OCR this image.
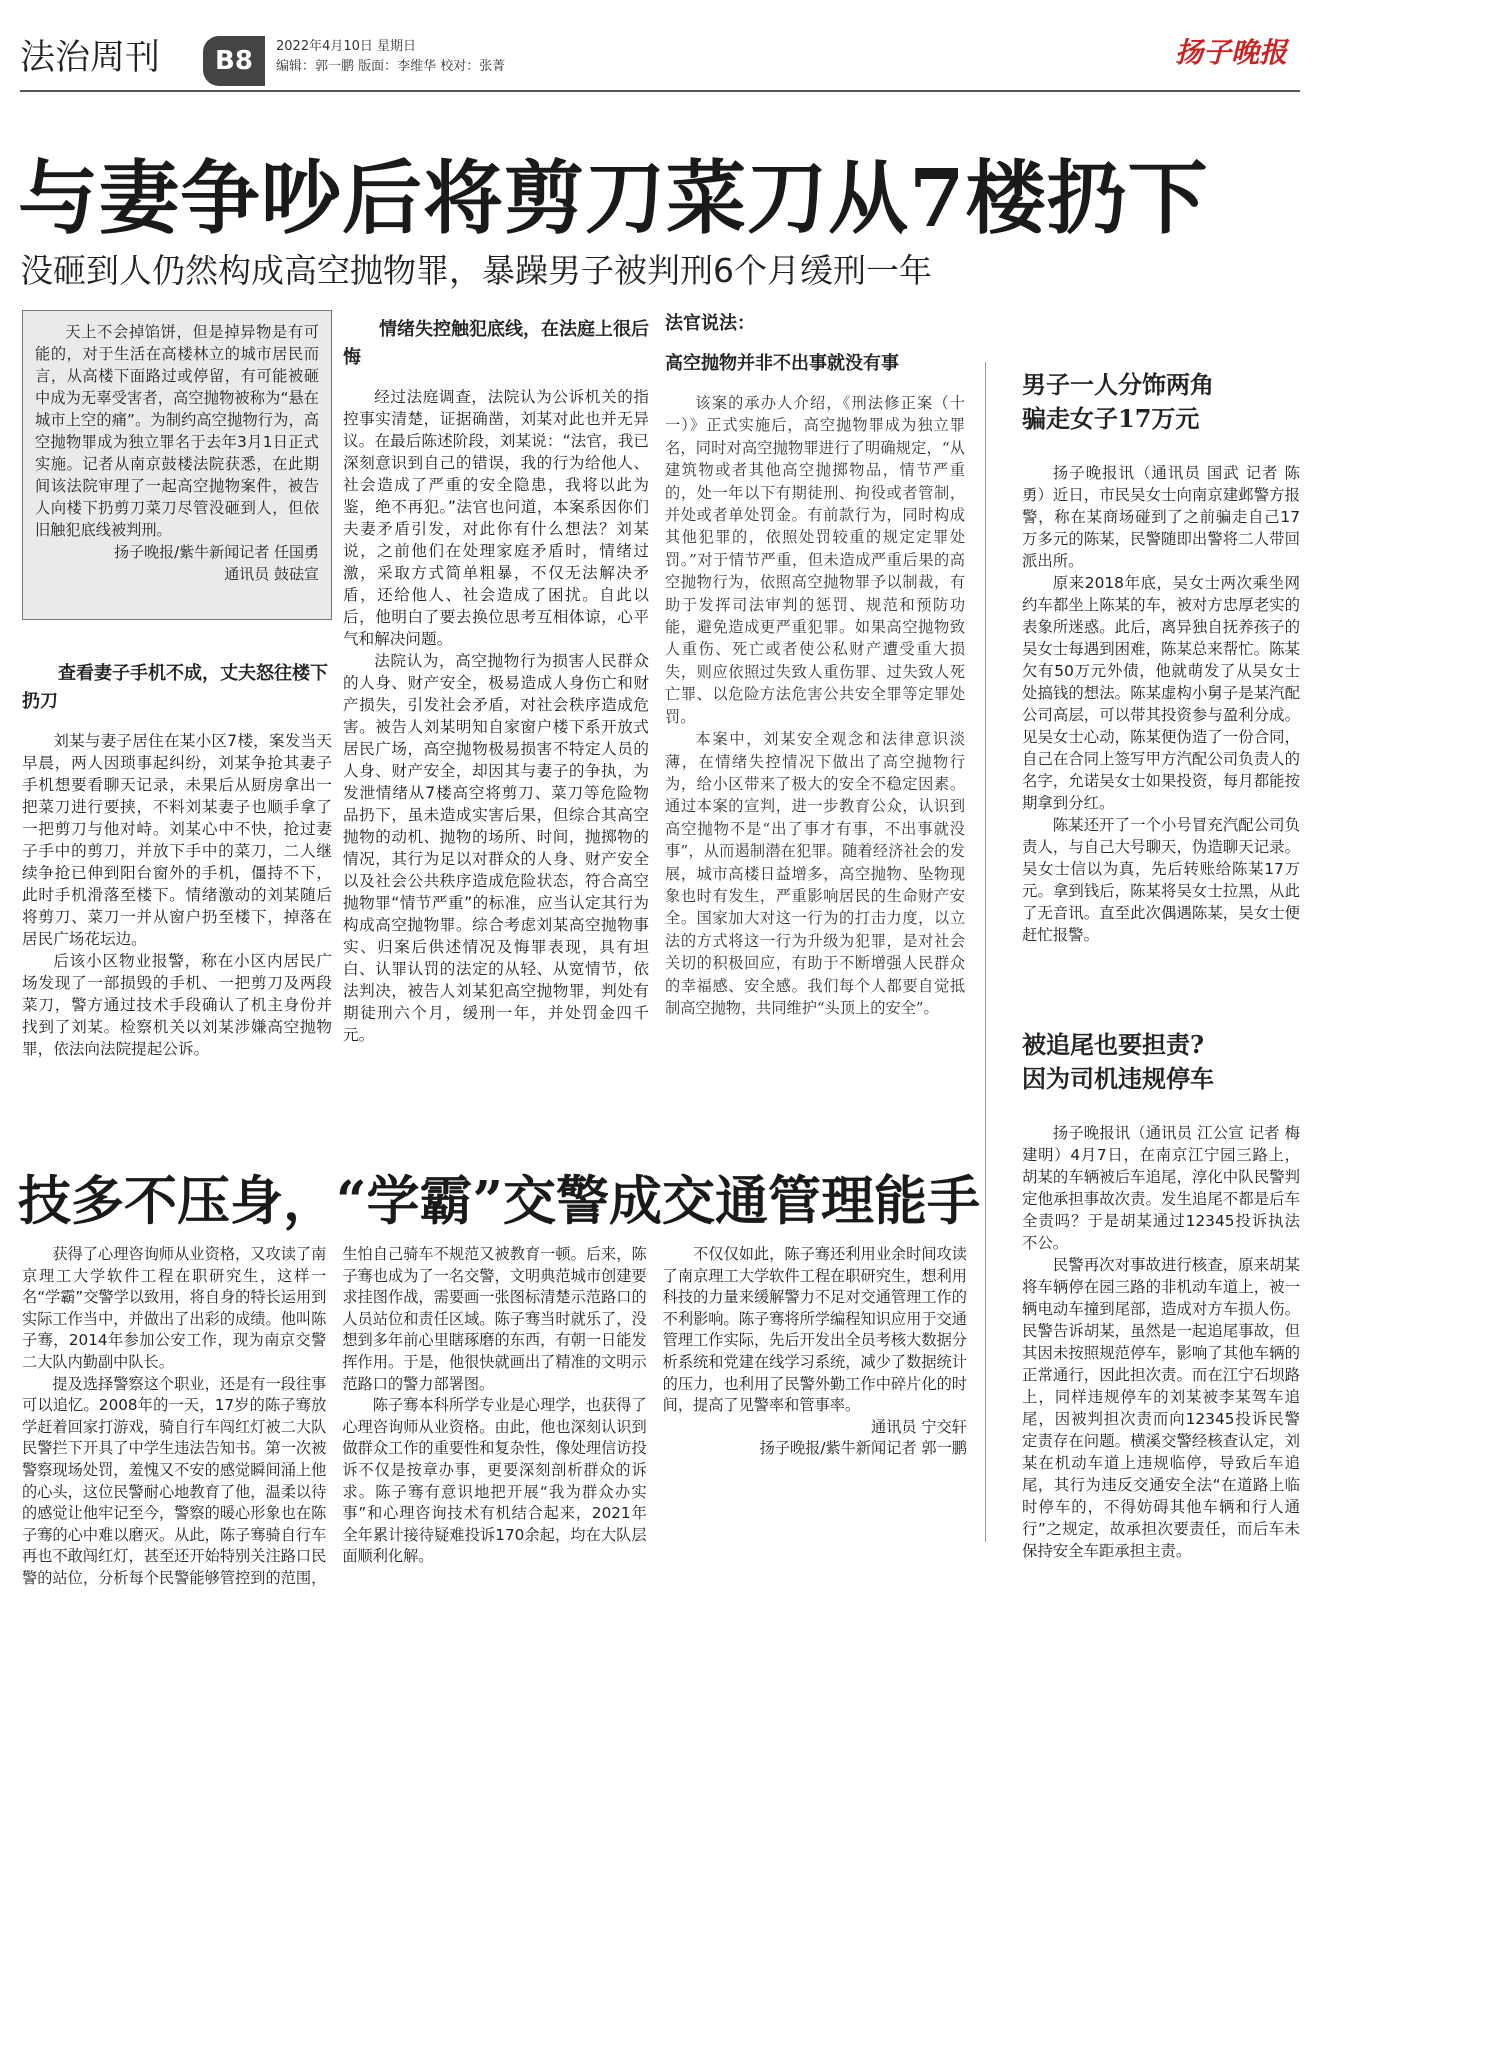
法治周刊	B8	2022年4月10日 星期日
编辑：郭一鹏 版面：李维华 校对：张菁	扬子晚报
与妻争吵后将剪刀菜刀从7楼扔下
没砸到人仍然构成高空抛物罪，暴躁男子被判刑6个月缓刑一年

天上不会掉馅饼，但是掉异物是有可能的，对于生活在高楼林立的城市居民而言，从高楼下面路过或停留，有可能被砸中成为无辜受害者，高空抛物被称为“悬在城市上空的痛”。为制约高空抛物行为，高空抛物罪成为独立罪名于去年3月1日正式实施。记者从南京鼓楼法院获悉，在此期间该法院审理了一起高空抛物案件，被告人向楼下扔剪刀菜刀尽管没砸到人，但依旧触犯底线被判刑。

扬子晚报/紫牛新闻记者 任国勇
通讯员 鼓砝宣
查看妻子手机不成，丈夫怒往楼下扔刀

刘某与妻子居住在某小区7楼，案发当天早晨，两人因琐事起纠纷，刘某争抢其妻子手机想要看聊天记录，未果后从厨房拿出一把菜刀进行要挟，不料刘某妻子也顺手拿了一把剪刀与他对峙。刘某心中不快，抢过妻子手中的剪刀，并放下手中的菜刀，二人继续争抢已伸到阳台窗外的手机，僵持不下，此时手机滑落至楼下。情绪激动的刘某随后将剪刀、菜刀一并从窗户扔至楼下，掉落在居民广场花坛边。

后该小区物业报警，称在小区内居民广场发现了一部损毁的手机、一把剪刀及两段菜刀，警方通过技术手段确认了机主身份并找到了刘某。检察机关以刘某涉嫌高空抛物罪，依法向法院提起公诉。

情绪失控触犯底线，在法庭上很后悔

经过法庭调查，法院认为公诉机关的指控事实清楚，证据确凿，刘某对此也并无异议。在最后陈述阶段，刘某说：“法官，我已深刻意识到自己的错误，我的行为给他人、社会造成了严重的安全隐患，我将以此为鉴，绝不再犯。”法官也问道，本案系因你们夫妻矛盾引发，对此你有什么想法？刘某说，之前他们在处理家庭矛盾时，情绪过激，采取方式简单粗暴，不仅无法解决矛盾，还给他人、社会造成了困扰。自此以后，他明白了要去换位思考互相体谅，心平气和解决问题。

法院认为，高空抛物行为损害人民群众的人身、财产安全，极易造成人身伤亡和财产损失，引发社会矛盾，对社会秩序造成危害。被告人刘某明知自家窗户楼下系开放式居民广场，高空抛物极易损害不特定人员的人身、财产安全，却因其与妻子的争执，为发泄情绪从7楼高空将剪刀、菜刀等危险物品扔下，虽未造成实害后果，但综合其高空抛物的动机、抛物的场所、时间，抛掷物的情况，其行为足以对群众的人身、财产安全以及社会公共秩序造成危险状态，符合高空抛物罪“情节严重”的标准，应当认定其行为构成高空抛物罪。综合考虑刘某高空抛物事实、归案后供述情况及悔罪表现，具有坦白、认罪认罚的法定的从轻、从宽情节，依法判决，被告人刘某犯高空抛物罪，判处有期徒刑六个月，缓刑一年，并处罚金四千元。

法官说法：
高空抛物并非不出事就没有事

该案的承办人介绍，《刑法修正案（十一）》正式实施后，高空抛物罪成为独立罪名，同时对高空抛物罪进行了明确规定，“从建筑物或者其他高空抛掷物品，情节严重的，处一年以下有期徒刑、拘役或者管制，并处或者单处罚金。有前款行为，同时构成其他犯罪的，依照处罚较重的规定定罪处罚。”对于情节严重，但未造成严重后果的高空抛物行为，依照高空抛物罪予以制裁，有助于发挥司法审判的惩罚、规范和预防功能，避免造成更严重犯罪。如果高空抛物致人重伤、死亡或者使公私财产遭受重大损失，则应依照过失致人重伤罪、过失致人死亡罪、以危险方法危害公共安全罪等定罪处罚。

本案中，刘某安全观念和法律意识淡薄，在情绪失控情况下做出了高空抛物行为，给小区带来了极大的安全不稳定因素。通过本案的宣判，进一步教育公众，认识到高空抛物不是“出了事才有事，不出事就没事”，从而遏制潜在犯罪。随着经济社会的发展，城市高楼日益增多，高空抛物、坠物现象也时有发生，严重影响居民的生命财产安全。国家加大对这一行为的打击力度，以立法的方式将这一行为升级为犯罪，是对社会关切的积极回应，有助于不断增强人民群众的幸福感、安全感。我们每个人都要自觉抵制高空抛物，共同维护“头顶上的安全”。

技多不压身，“学霸”交警成交通管理能手

获得了心理咨询师从业资格，又攻读了南京理工大学软件工程在职研究生，这样一名“学霸”交警学以致用，将自身的特长运用到实际工作当中，并做出了出彩的成绩。他叫陈子骞，2014年参加公安工作，现为南京交警二大队内勤副中队长。

提及选择警察这个职业，还是有一段往事可以追忆。2008年的一天，17岁的陈子骞放学赶着回家打游戏，骑自行车闯红灯被二大队民警拦下开具了中学生违法告知书。第一次被警察现场处罚，羞愧又不安的感觉瞬间涌上他的心头，这位民警耐心地教育了他，温柔以待的感觉让他牢记至今，警察的暖心形象也在陈子骞的心中难以磨灭。从此，陈子骞骑自行车再也不敢闯红灯，甚至还开始特别关注路口民警的站位，分析每个民警能够管控到的范围，生怕自己骑车不规范又被教育一顿。后来，陈子骞也成为了一名交警，文明典范城市创建要求挂图作战，需要画一张图标清楚示范路口的人员站位和责任区域。陈子骞当时就乐了，没想到多年前心里瞎琢磨的东西，有朝一日能发挥作用。于是，他很快就画出了精准的文明示范路口的警力部署图。

陈子骞本科所学专业是心理学，也获得了心理咨询师从业资格。由此，他也深刻认识到做群众工作的重要性和复杂性，像处理信访投诉不仅是按章办事，更要深刻剖析群众的诉求。陈子骞有意识地把开展“我为群众办实事”和心理咨询技术有机结合起来，2021年全年累计接待疑难投诉170余起，均在大队层面顺利化解。

不仅仅如此，陈子骞还利用业余时间攻读了南京理工大学软件工程在职研究生，想利用科技的力量来缓解警力不足对交通管理工作的不利影响。陈子骞将所学编程知识应用于交通管理工作实际，先后开发出全员考核大数据分析系统和党建在线学习系统，减少了数据统计的压力，也利用了民警外勤工作中碎片化的时间，提高了见警率和管事率。

通讯员 宁交轩
扬子晚报/紫牛新闻记者 郭一鹏
男子一人分饰两角
骗走女子17万元

扬子晚报讯（通讯员 国武 记者 陈勇）近日，市民吴女士向南京建邺警方报警，称在某商场碰到了之前骗走自己17万多元的陈某，民警随即出警将二人带回派出所。

原来2018年底，吴女士两次乘坐网约车都坐上陈某的车，被对方忠厚老实的表象所迷惑。此后，离异独自抚养孩子的吴女士每遇到困难，陈某总来帮忙。陈某欠有50万元外债，他就萌发了从吴女士处搞钱的想法。陈某虚构小舅子是某汽配公司高层，可以带其投资参与盈利分成。见吴女士心动，陈某便伪造了一份合同，自己在合同上签写甲方汽配公司负责人的名字，允诺吴女士如果投资，每月都能按期拿到分红。

陈某还开了一个小号冒充汽配公司负责人，与自己大号聊天，伪造聊天记录。吴女士信以为真，先后转账给陈某17万元。拿到钱后，陈某将吴女士拉黑，从此了无音讯。直至此次偶遇陈某，吴女士便赶忙报警。

被追尾也要担责?
因为司机违规停车

扬子晚报讯（通讯员 江公宣 记者 梅建明）4月7日，在南京江宁园三路上，胡某的车辆被后车追尾，淳化中队民警判定他承担事故次责。发生追尾不都是后车全责吗？于是胡某通过12345投诉执法不公。

民警再次对事故进行核查，原来胡某将车辆停在园三路的非机动车道上，被一辆电动车撞到尾部，造成对方车损人伤。民警告诉胡某，虽然是一起追尾事故，但其因未按照规范停车，影响了其他车辆的正常通行，因此担次责。而在江宁石坝路上，同样违规停车的刘某被李某驾车追尾，因被判担次责而向12345投诉民警定责存在问题。横溪交警经核查认定，刘某在机动车道上违规临停，导致后车追尾，其行为违反交通安全法“在道路上临时停车的，不得妨碍其他车辆和行人通行”之规定，故承担次要责任，而后车未保持安全车距承担主责。
